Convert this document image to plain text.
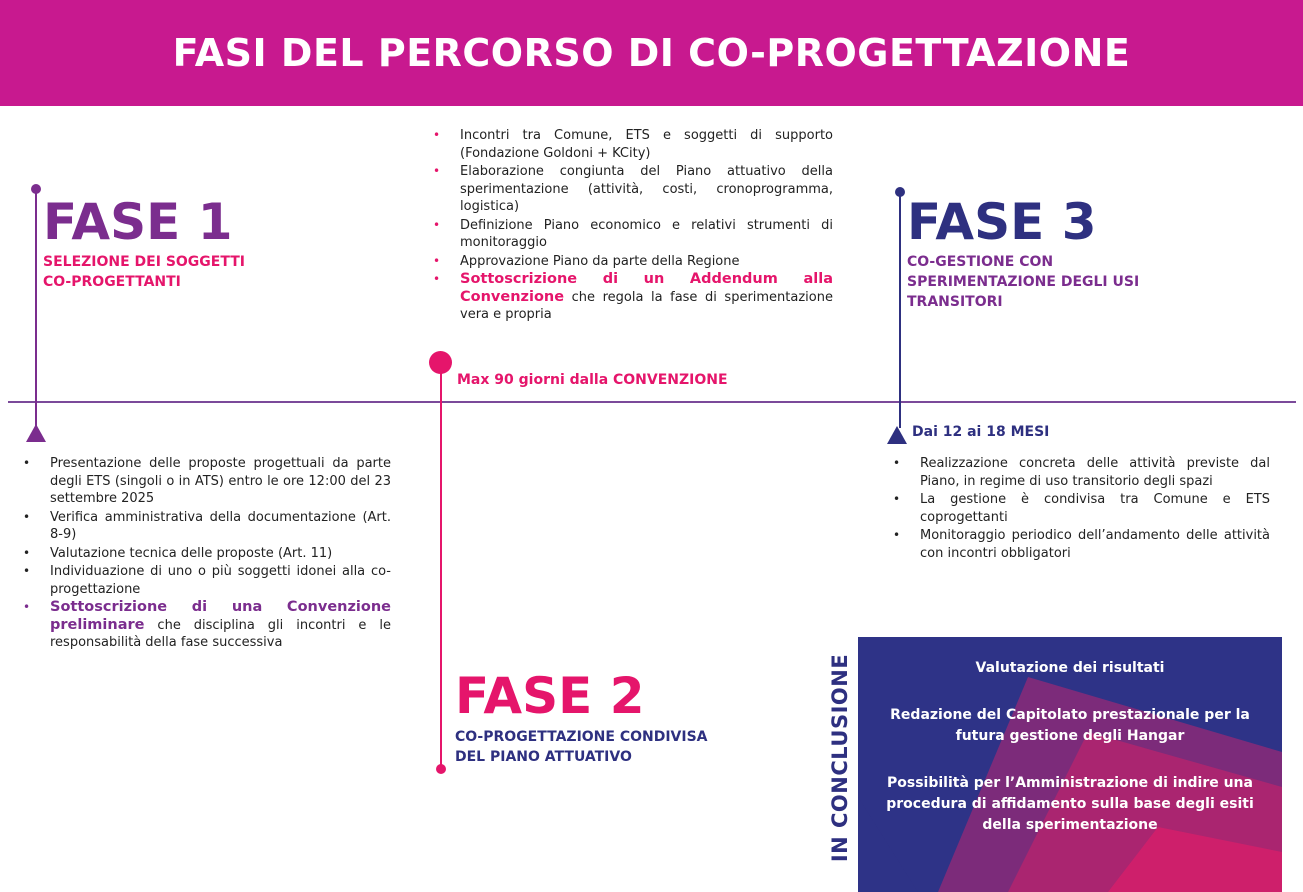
FASI DEL PERCORSO DI CO-PROGETTAZIONE
FASE 1

SELEZIONE DEI SOGGETTI
CO-PROGETTANTI

• Presentazione delle proposte progettuali da parte degli ETS (singoli o in ATS) entro le ore 12:00 del 23 settembre 2025
• Verifica amministrativa della documentazione (Art. 8-9)
• Valutazione tecnica delle proposte (Art. 11)
• Individuazione di uno o più soggetti idonei alla co-progettazione
• Sottoscrizione di una Convenzione preliminare che disciplina gli incontri e le responsabilità della fase successiva
• Incontri tra Comune, ETS e soggetti di supporto (Fondazione Goldoni + KCity)
• Elaborazione congiunta del Piano attuativo della sperimentazione (attività, costi, cronoprogramma, logistica)
• Definizione Piano economico e relativi strumenti di monitoraggio
• Approvazione Piano da parte della Regione
• Sottoscrizione di un Addendum alla Convenzione che regola la fase di sperimentazione vera e propria

Max 90 giorni dalla CONVENZIONE

FASE 2

CO-PROGETTAZIONE CONDIVISA
DEL PIANO ATTUATIVO

FASE 3

CO-GESTIONE CON
SPERIMENTAZIONE DEGLI USI
TRANSITORI

Dai 12 ai 18 MESI

• Realizzazione concreta delle attività previste dal Piano, in regime di uso transitorio degli spazi
• La gestione è condivisa tra Comune e ETS coprogettanti
• Monitoraggio periodico dell’andamento delle attività con incontri obbligatori
IN CONCLUSIONE	Valutazione dei risultati

Redazione del Capitolato prestazionale per la futura gestione degli Hangar

Possibilità per l’Amministrazione di indire una procedura di affidamento sulla base degli esiti della sperimentazione
